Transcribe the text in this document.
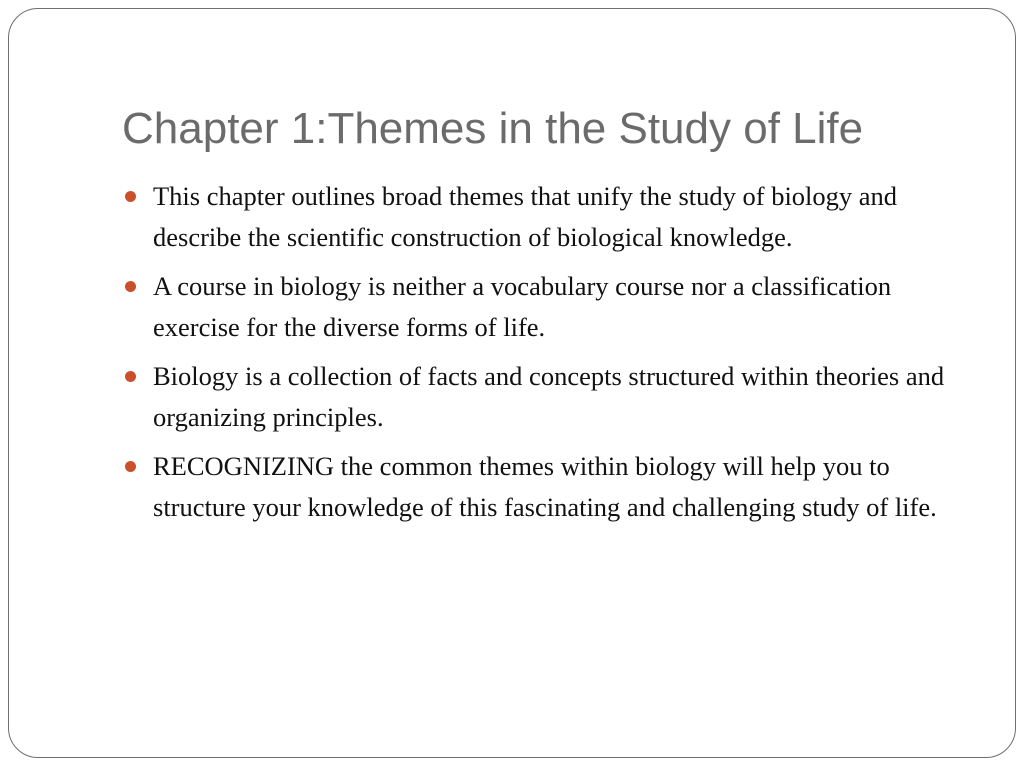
Chapter 1:Themes in the Study of Life
This chapter outlines broad themes that unify the study of biology and describe the scientific construction of biological knowledge.
A course in biology is neither a vocabulary course nor a classification exercise for the diverse forms of life.
Biology is a collection of facts and concepts structured within theories and organizing principles.
RECOGNIZING the common themes within biology will help you to structure your knowledge of this fascinating and challenging study of life.
